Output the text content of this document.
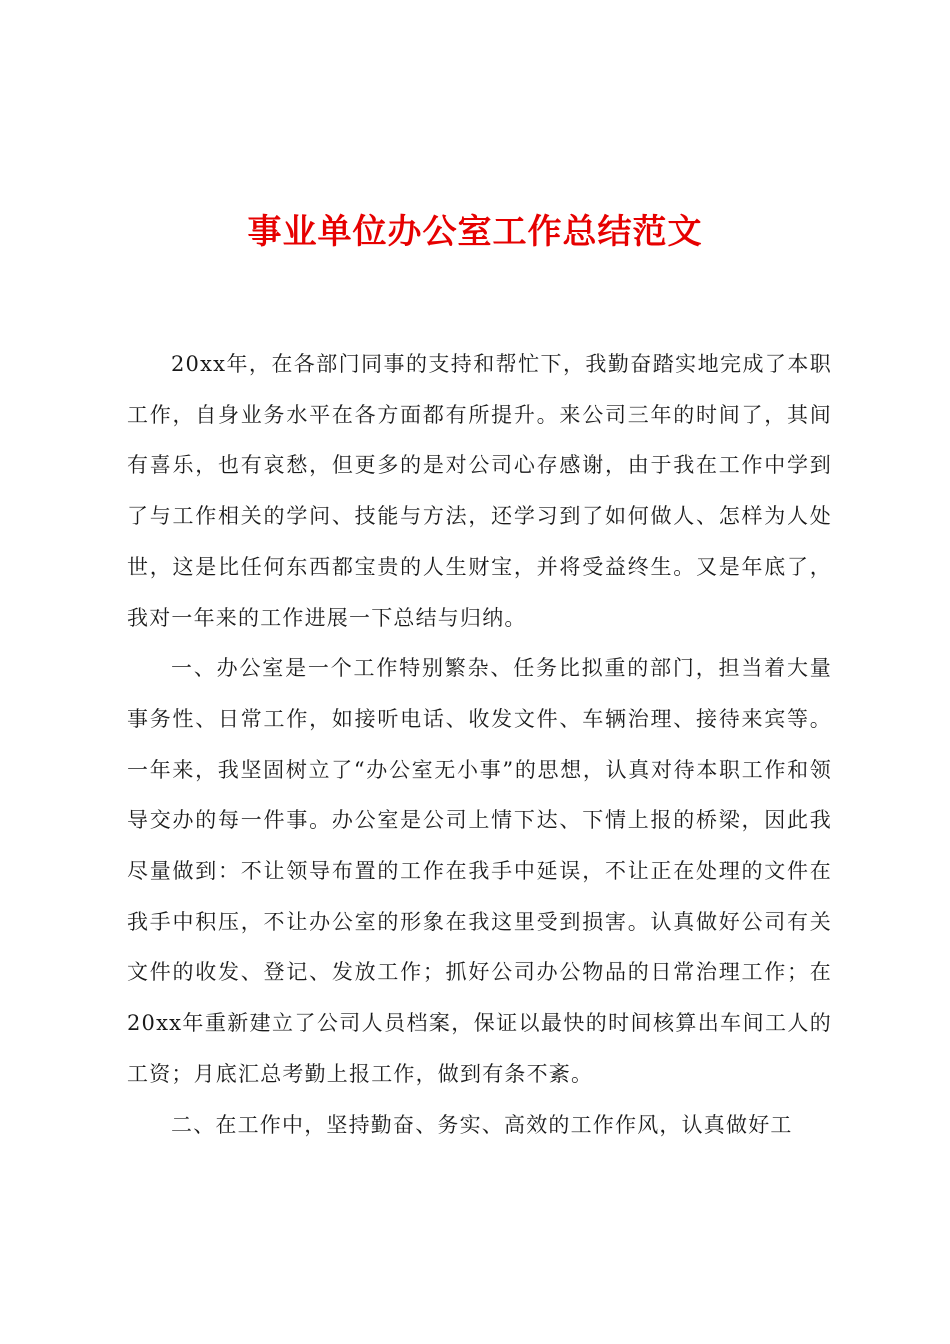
事业单位办公室工作总结范文

20xx年，在各部门同事的支持和帮忙下，我勤奋踏实地完成了本职工作，自身业务水平在各方面都有所提升。来公司三年的时间了，其间有喜乐，也有哀愁，但更多的是对公司心存感谢，由于我在工作中学到了与工作相关的学问、技能与方法，还学习到了如何做人、怎样为人处世，这是比任何东西都宝贵的人生财宝，并将受益终生。又是年底了，我对一年来的工作进展一下总结与归纳。

一、办公室是一个工作特别繁杂、任务比拟重的部门，担当着大量事务性、日常工作，如接听电话、收发文件、车辆治理、接待来宾等。一年来，我坚固树立了“办公室无小事”的思想，认真对待本职工作和领导交办的每一件事。办公室是公司上情下达、下情上报的桥梁，因此我尽量做到：不让领导布置的工作在我手中延误，不让正在处理的文件在我手中积压，不让办公室的形象在我这里受到损害。认真做好公司有关文件的收发、登记、发放工作；抓好公司办公物品的日常治理工作；在20xx年重新建立了公司人员档案，保证以最快的时间核算出车间工人的工资；月底汇总考勤上报工作，做到有条不紊。

二、在工作中，坚持勤奋、务实、高效的工作作风，认真做好工
